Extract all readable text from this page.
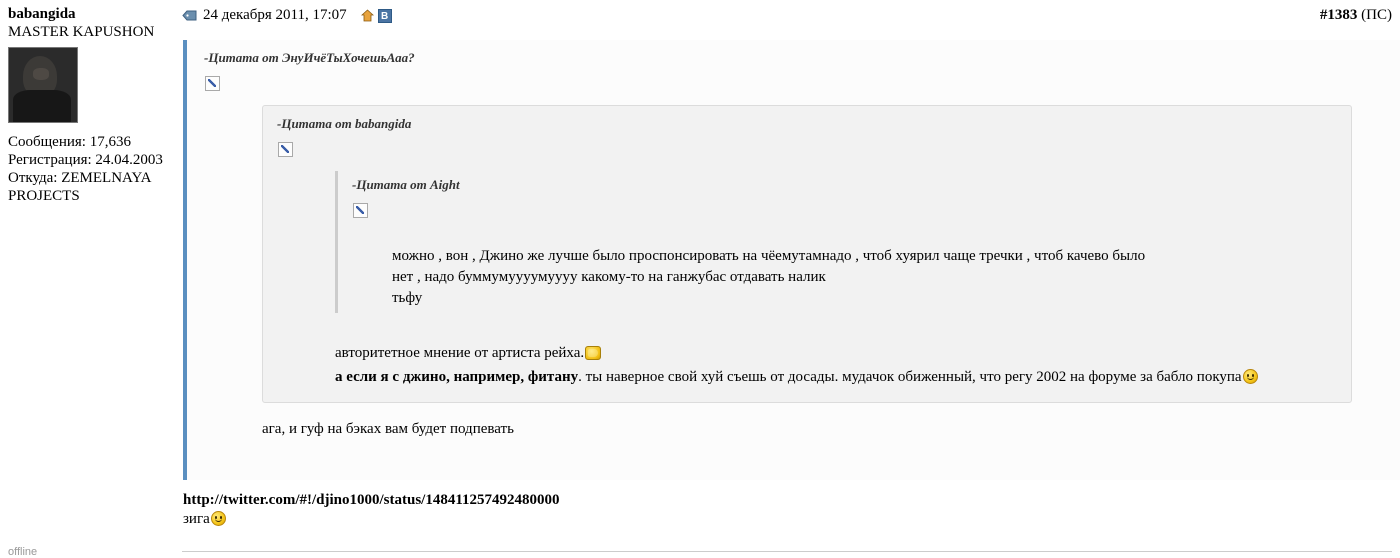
babangida
MASTER KAPUSHON
Сообщения: 17,636
Регистрация: 24.04.2003
Откуда: ZEMELNAYA
PROJECTS
offline
24 декабря 2011, 17:07	B	#1383 (ПС)
-Цитата от ЭнуИчёТыХочешьАаа?
-Цитата от babangida
-Цитата от Aight
можно , вон , Джино же лучше было проспонсировать на чёемутамнадо , чтоб хуярил чаще тречки , чтоб качево было
нет , надо буммумуууумуууу какому-то на ганжубас отдавать налик
тьфу
авторитетное мнение от артиста рейха.
а если я с джино, например, фитану. ты наверное свой хуй съешь от досады. мудачок обиженный, что регу 2002 на форуме за бабло покупа
ага, и гуф на бэках вам будет подпевать
http://twitter.com/#!/djino1000/status/148411257492480000
зига
